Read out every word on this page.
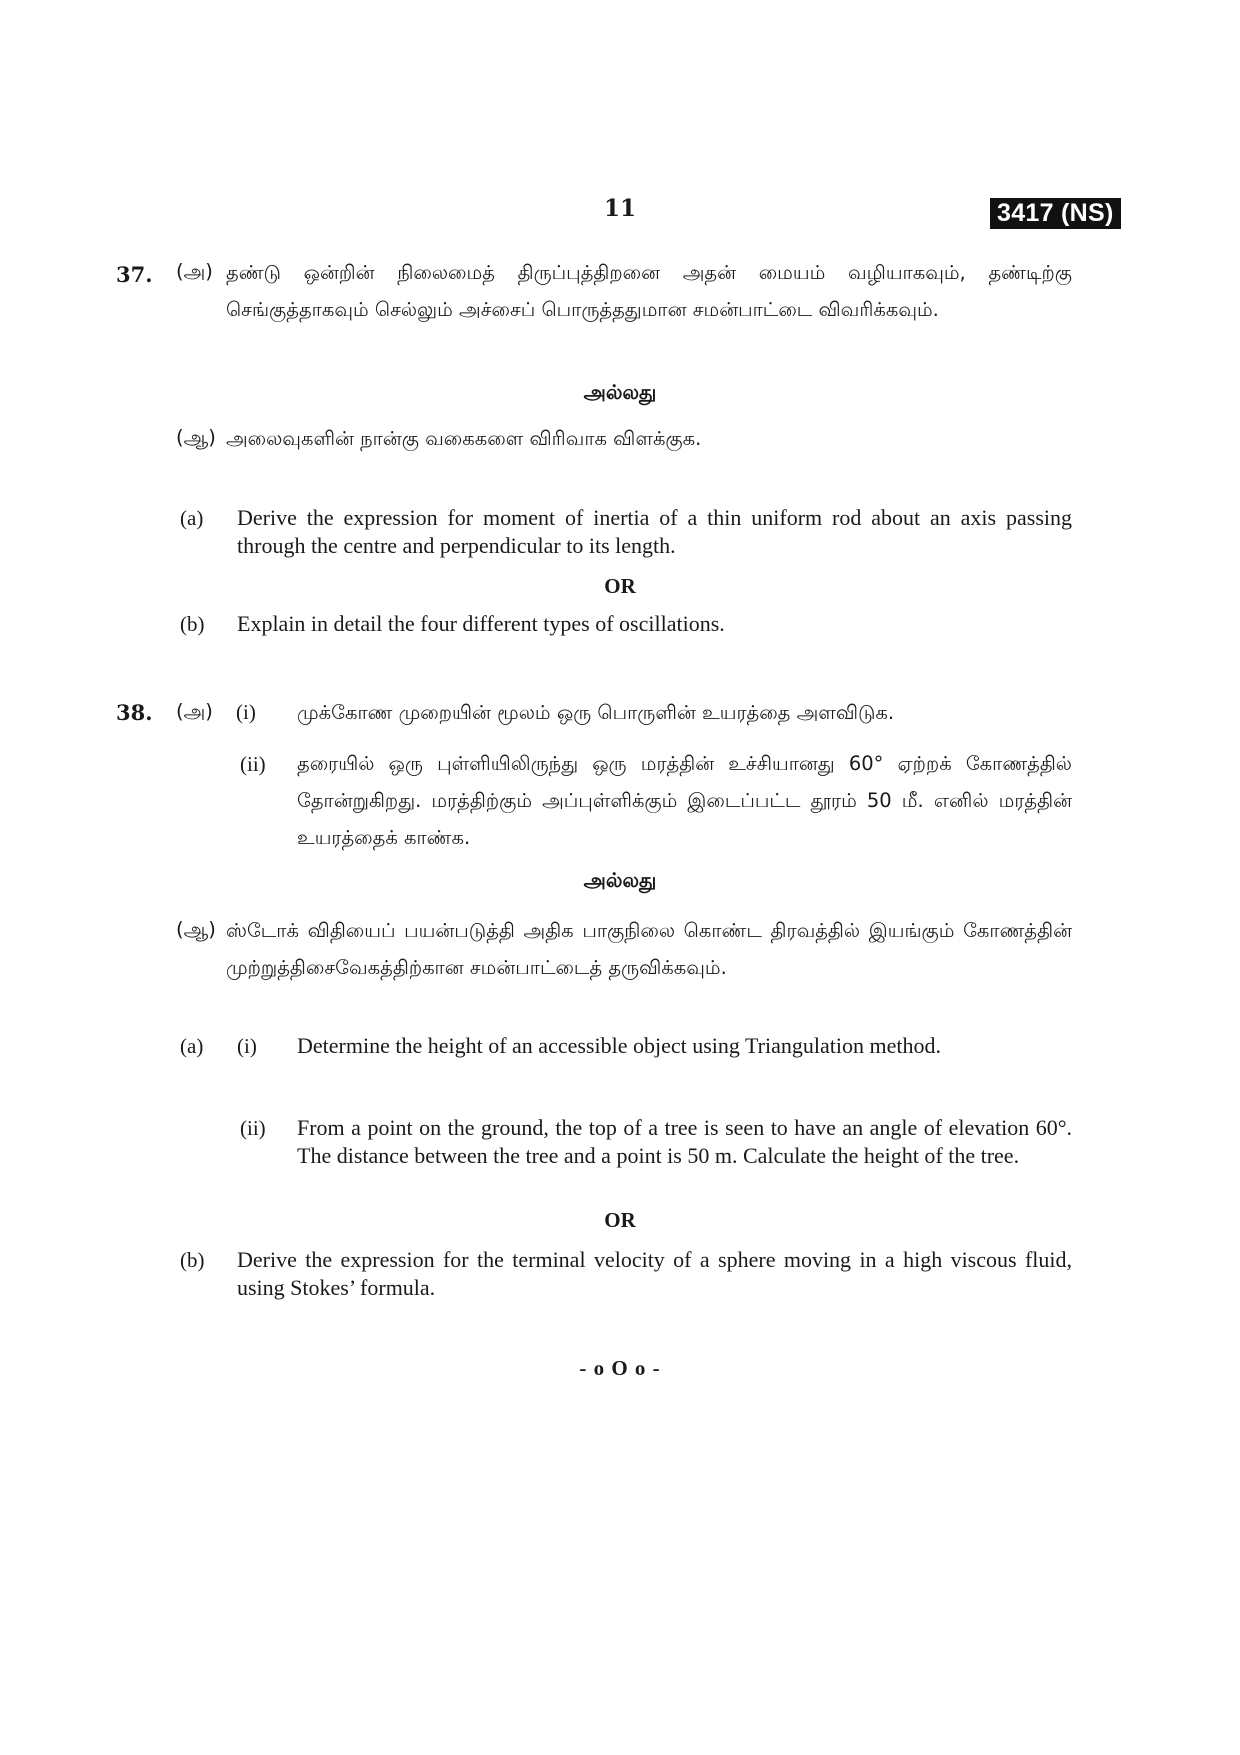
11	3417 (NS)
37. (அ) தண்டு ஒன்றின் நிலைமைத் திருப்புத்திறனை அதன் மையம் வழியாகவும், தண்டிற்கு செங்குத்தாகவும் செல்லும் அச்சைப் பொருத்ததுமான சமன்பாட்டை விவரிக்கவும்.
அல்லது
(ஆ) அலைவுகளின் நான்கு வகைகளை விரிவாக விளக்குக.
(a) Derive the expression for moment of inertia of a thin uniform rod about an axis passing through the centre and perpendicular to its length.
OR
(b) Explain in detail the four different types of oscillations.
38. (அ) (i) முக்கோண முறையின் மூலம் ஒரு பொருளின் உயரத்தை அளவிடுக.
(ii) தரையில் ஒரு புள்ளியிலிருந்து ஒரு மரத்தின் உச்சியானது 60° ஏற்றக் கோணத்தில் தோன்றுகிறது. மரத்திற்கும் அப்புள்ளிக்கும் இடைப்பட்ட தூரம் 50 மீ. எனில் மரத்தின் உயரத்தைக் காண்க.
அல்லது
(ஆ) ஸ்டோக் விதியைப் பயன்படுத்தி அதிக பாகுநிலை கொண்ட திரவத்தில் இயங்கும் கோணத்தின் முற்றுத்திசைவேகத்திற்கான சமன்பாட்டைத் தருவிக்கவும்.
(a) (i) Determine the height of an accessible object using Triangulation method.
(ii) From a point on the ground, the top of a tree is seen to have an angle of elevation 60°. The distance between the tree and a point is 50 m. Calculate the height of the tree.
OR
(b) Derive the expression for the terminal velocity of a sphere moving in a high viscous fluid, using Stokes’ formula.
- o O o -
